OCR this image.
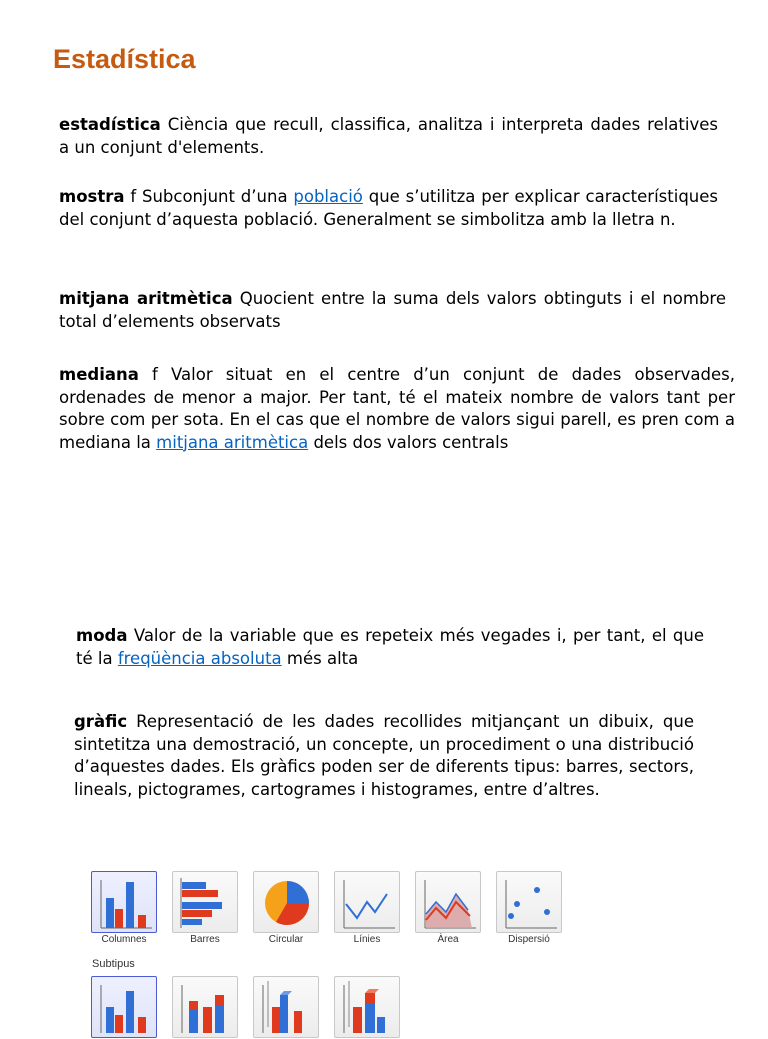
Estadística

estadística Ciència que recull, classifica, analitza i interpreta dades relatives a un conjunt d'elements.

mostra f Subconjunt d’una població que s’utilitza per explicar característiques del conjunt d’aquesta població. Generalment se simbolitza amb la lletra n.

mitjana aritmètica Quocient entre la suma dels valors obtinguts i el nombre total d’elements observats

mediana f Valor situat en el centre d’un conjunt de dades observades, ordenades de menor a major. Per tant, té el mateix nombre de valors tant per sobre com per sota. En el cas que el nombre de valors sigui parell, es pren com a mediana la mitjana aritmètica dels dos valors centrals

moda Valor de la variable que es repeteix més vegades i, per tant, el que té la freqüència absoluta més alta

gràfic Representació de les dades recollides mitjançant un dibuix, que sintetitza una demostració, un concepte, un procediment o una distribució d’aquestes dades. Els gràfics poden ser de diferents tipus: barres, sectors, lineals, pictogrames, cartogrames i histogrames, entre d’altres.

Columnes	Barres	Circular	Línies	Àrea	Dispersió
Subtipus
